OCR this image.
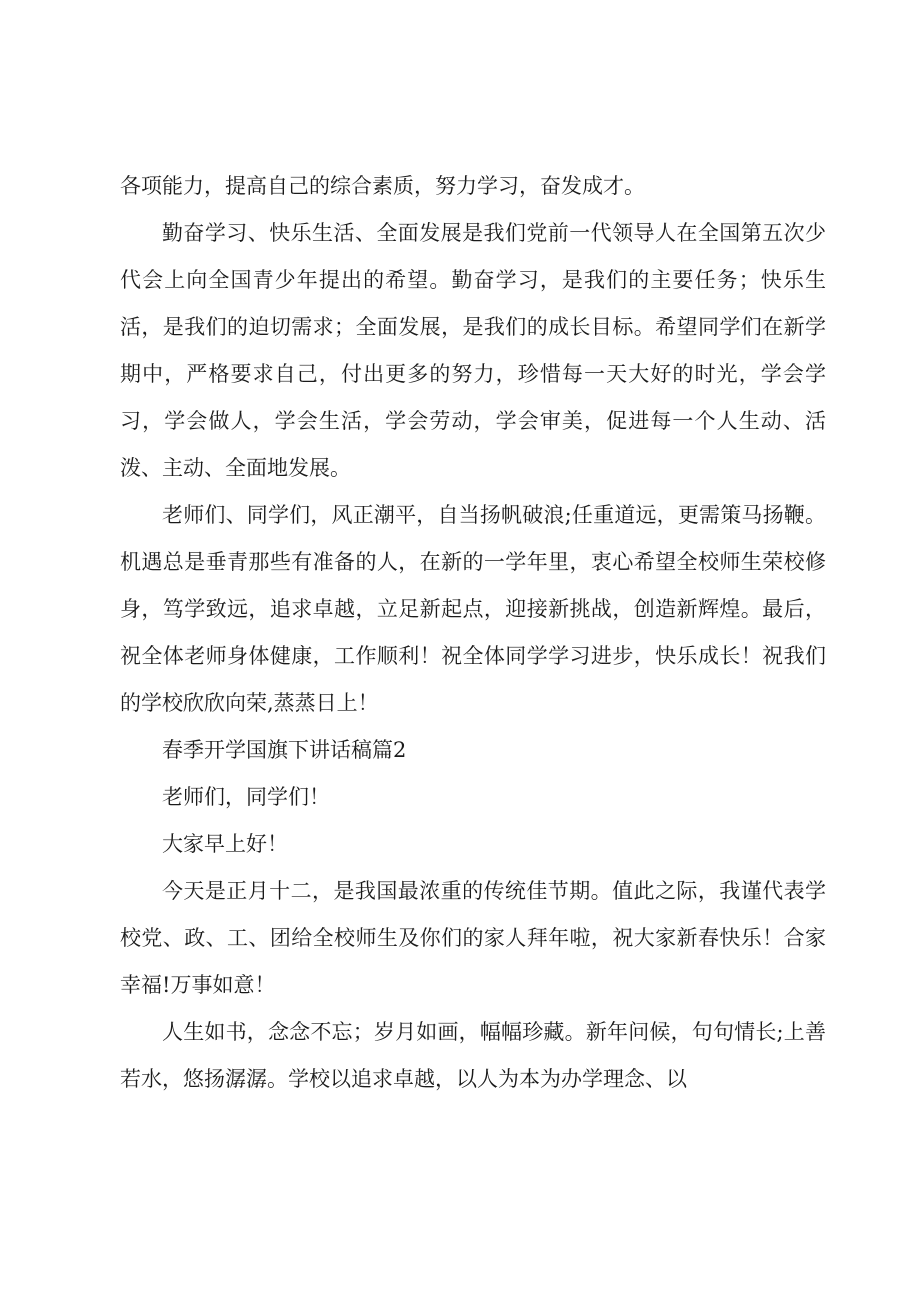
各项能力，提高自己的综合素质，努力学习，奋发成才。

勤奋学习、快乐生活、全面发展是我们党前一代领导人在全国第五次少代会上向全国青少年提出的希望。勤奋学习，是我们的主要任务；快乐生活，是我们的迫切需求；全面发展，是我们的成长目标。希望同学们在新学期中，严格要求自己，付出更多的努力，珍惜每一天大好的时光，学会学习，学会做人，学会生活，学会劳动，学会审美，促进每一个人生动、活泼、主动、全面地发展。

老师们、同学们，风正潮平，自当扬帆破浪;任重道远，更需策马扬鞭。机遇总是垂青那些有准备的人，在新的一学年里，衷心希望全校师生荣校修身，笃学致远，追求卓越，立足新起点，迎接新挑战，创造新辉煌。最后，祝全体老师身体健康，工作顺利！祝全体同学学习进步，快乐成长！祝我们的学校欣欣向荣,蒸蒸日上！

春季开学国旗下讲话稿篇2

老师们，同学们！

大家早上好！

今天是正月十二，是我国最浓重的传统佳节期。值此之际，我谨代表学校党、政、工、团给全校师生及你们的家人拜年啦，祝大家新春快乐！合家幸福!万事如意！

人生如书，念念不忘；岁月如画，幅幅珍藏。新年问候，句句情长;上善若水，悠扬潺潺。学校以追求卓越，以人为本为办学理念、以
